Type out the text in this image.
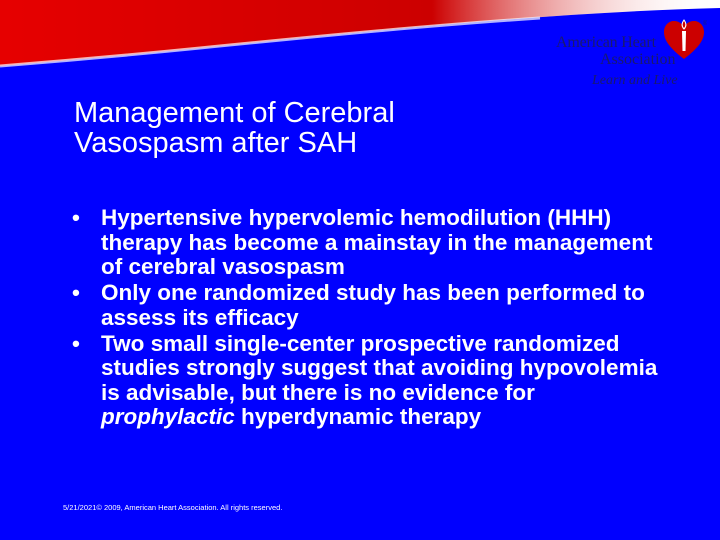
American Heart
Association
Learn and Live
®
Management of Cerebral
Vasospasm after SAH
• Hypertensive hypervolemic hemodilution (HHH) therapy has become a mainstay in the management of cerebral vasospasm
• Only one randomized study has been performed to assess its efficacy
• Two small single-center prospective randomized studies strongly suggest that avoiding hypovolemia is advisable, but there is no evidence for prophylactic hyperdynamic therapy
5/21/2021© 2009, American Heart Association. All rights reserved.
